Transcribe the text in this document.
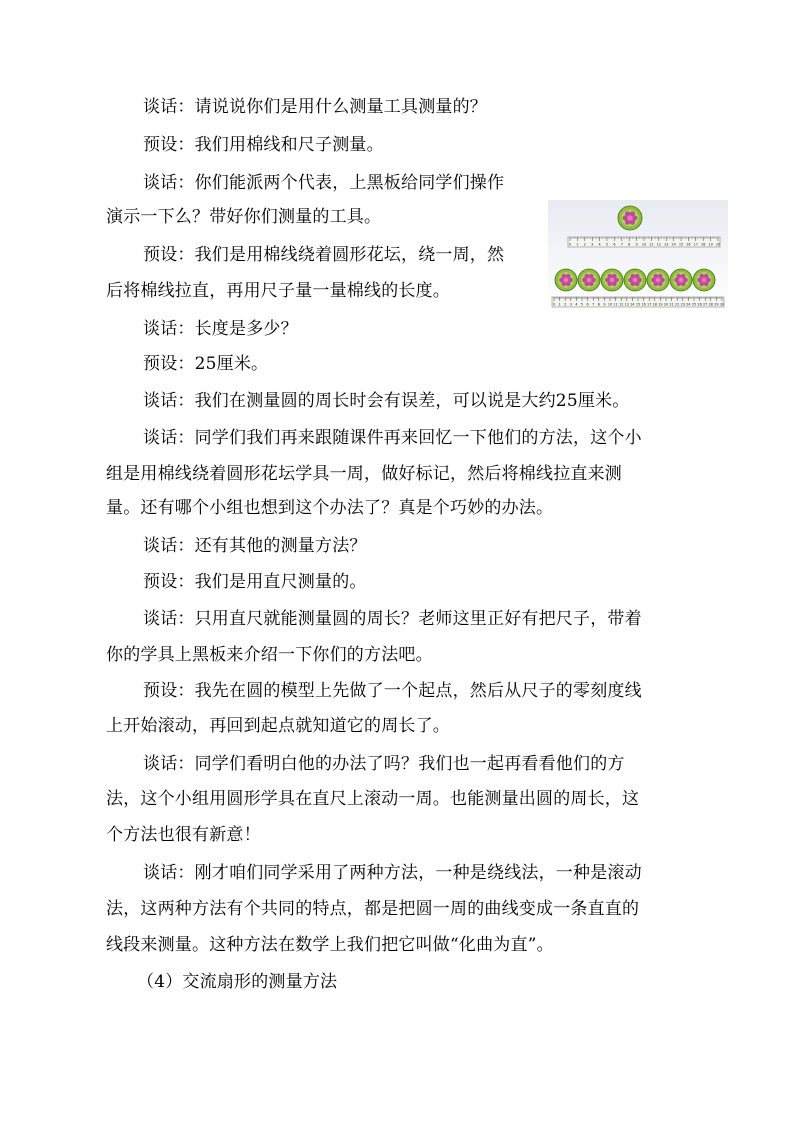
谈话：请说说你们是用什么测量工具测量的？
预设：我们用棉线和尺子测量。
谈话：你们能派两个代表，上黑板给同学们操作
演示一下么？带好你们测量的工具。
预设：我们是用棉线绕着圆形花坛，绕一周，然
后将棉线拉直，再用尺子量一量棉线的长度。
谈话：长度是多少？
预设：25厘米。
谈话：我们在测量圆的周长时会有误差，可以说是大约25厘米。
谈话：同学们我们再来跟随课件再来回忆一下他们的方法，这个小
组是用棉线绕着圆形花坛学具一周，做好标记，然后将棉线拉直来测
量。还有哪个小组也想到这个办法了？真是个巧妙的办法。
谈话：还有其他的测量方法？
预设：我们是用直尺测量的。
谈话：只用直尺就能测量圆的周长？老师这里正好有把尺子，带着
你的学具上黑板来介绍一下你们的方法吧。
预设：我先在圆的模型上先做了一个起点，然后从尺子的零刻度线
上开始滚动，再回到起点就知道它的周长了。
谈话：同学们看明白他的办法了吗？我们也一起再看看他们的方
法，这个小组用圆形学具在直尺上滚动一周。也能测量出圆的周长，这
个方法也很有新意！
谈话：刚才咱们同学采用了两种方法，一种是绕线法，一种是滚动
法，这两种方法有个共同的特点，都是把圆一周的曲线变成一条直直的
线段来测量。这种方法在数学上我们把它叫做“化曲为直”。
（4）交流扇形的测量方法
0 1 2 3 4 5 6 7 8 9 10 11 12 13 14 15 16 17 18 19 20
0 1 2 3 4 5 6 7 8 9 10 11 12 13 14 15 16 17 18 19 20 21 22 23 24 25 26 27 28 29 30
